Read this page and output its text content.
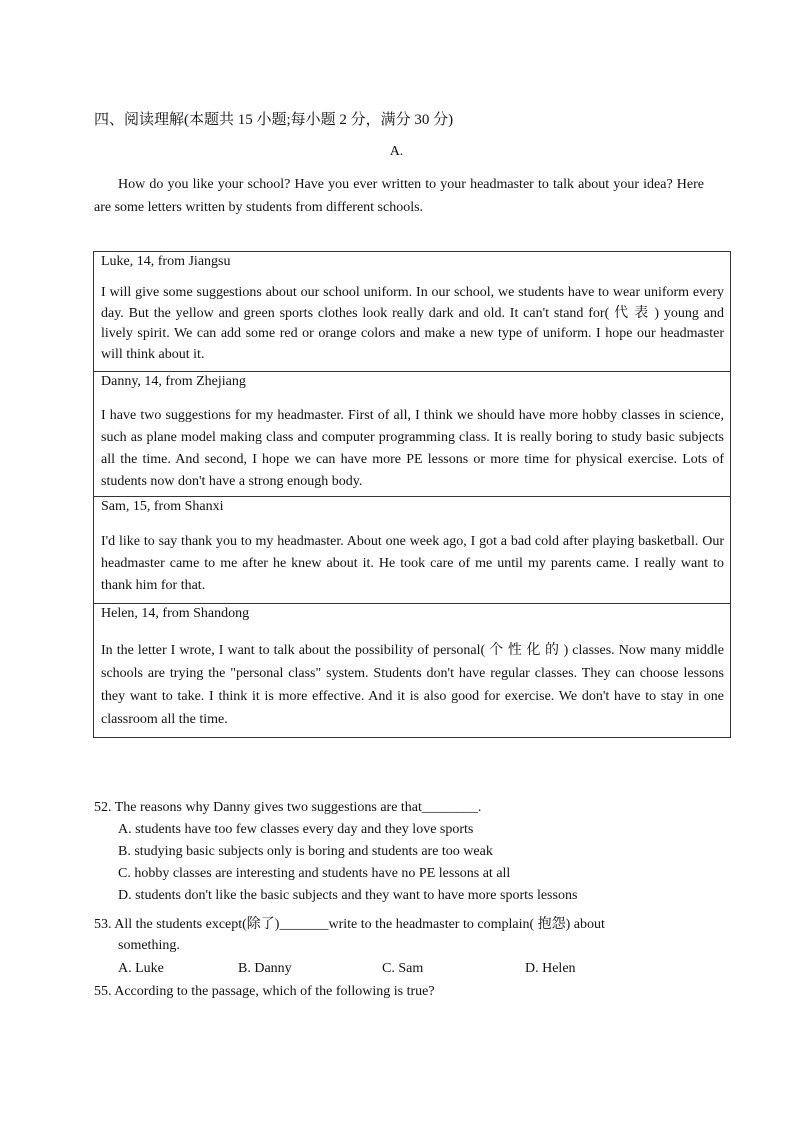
四、阅读理解(本题共 15 小题;每小题 2 分，满分 30 分)
A.
How do you like your school? Have you ever written to your headmaster to talk about your idea? Here are some letters written by students from different schools.
Luke, 14, from Jiangsu
I will give some suggestions about our school uniform. In our school, we students have to wear uniform every day. But the yellow and green sports clothes look really dark and old. It can't stand for( 代 表 ) young and lively spirit. We can add some red or orange colors and make a new type of uniform. I hope our headmaster will think about it.
Danny, 14, from Zhejiang
I have two suggestions for my headmaster. First of all, I think we should have more hobby classes in science, such as plane model making class and computer programming class. It is really boring to study basic subjects all the time. And second, I hope we can have more PE lessons or more time for physical exercise. Lots of students now don't have a strong enough body.
Sam, 15, from Shanxi
I'd like to say thank you to my headmaster. About one week ago, I got a bad cold after playing basketball. Our headmaster came to me after he knew about it. He took care of me until my parents came. I really want to thank him for that.
Helen, 14, from Shandong
In the letter I wrote, I want to talk about the possibility of personal( 个 性 化 的 ) classes. Now many middle schools are trying the "personal class" system. Students don't have regular classes. They can choose lessons they want to take. I think it is more effective. And it is also good for exercise. We don't have to stay in one classroom all the time.
52. The reasons why Danny gives two suggestions are that________.
A. students have too few classes every day and they love sports
B. studying basic subjects only is boring and students are too weak
C. hobby classes are interesting and students have no PE lessons at all
D. students don't like the basic subjects and they want to have more sports lessons
53. All the students except(除了)_______write to the headmaster to complain( 抱怨) about
something.
A. Luke	B. Danny	C. Sam	D. Helen
55. According to the passage, which of the following is true?
